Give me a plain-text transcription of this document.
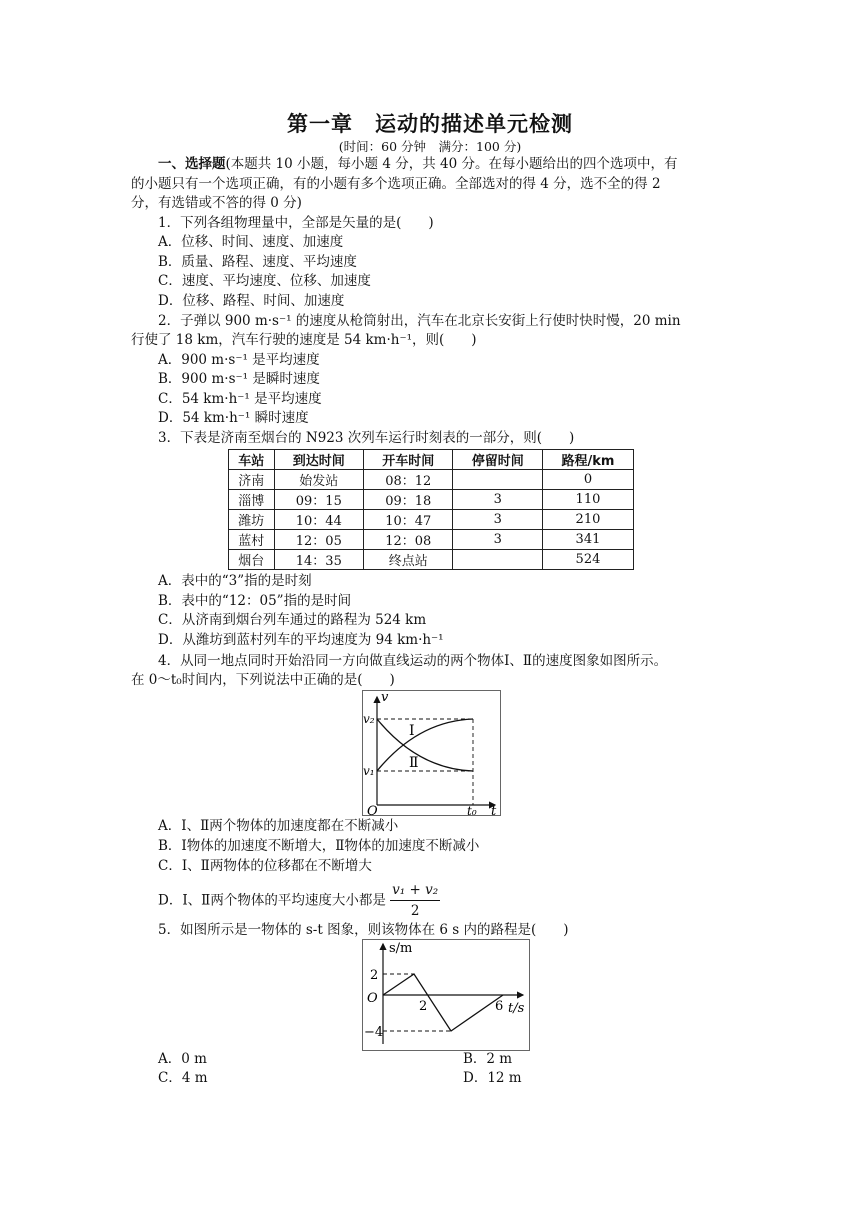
第一章　运动的描述单元检测
(时间：60 分钟　满分：100 分)
一、选择题(本题共 10 小题，每小题 4 分，共 40 分。在每小题给出的四个选项中，有
的小题只有一个选项正确，有的小题有多个选项正确。全部选对的得 4 分，选不全的得 2
分，有选错或不答的得 0 分)
1．下列各组物理量中，全部是矢量的是(　　)
A．位移、时间、速度、加速度
B．质量、路程、速度、平均速度
C．速度、平均速度、位移、加速度
D．位移、路程、时间、加速度
2．子弹以 900 m·s⁻¹ 的速度从枪筒射出，汽车在北京长安街上行使时快时慢，20 min
行使了 18 km，汽车行驶的速度是 54 km·h⁻¹，则(　　)
A．900 m·s⁻¹ 是平均速度
B．900 m·s⁻¹ 是瞬时速度
C．54 km·h⁻¹ 是平均速度
D．54 km·h⁻¹ 瞬时速度
3．下表是济南至烟台的 N923 次列车运行时刻表的一部分，则(　　)
车站	到达时间	开车时间	停留时间	路程/km
济南	始发站	08：12		0
淄博	09：15	09：18	3	110
潍坊	10：44	10：47	3	210
蓝村	12：05	12：08	3	341
烟台	14：35	终点站		524
A．表中的“3”指的是时刻
B．表中的“12：05”指的是时间
C．从济南到烟台列车通过的路程为 524 km
D．从潍坊到蓝村列车的平均速度为 94 km·h⁻¹
4．从同一地点同时开始沿同一方向做直线运动的两个物体Ⅰ、Ⅱ的速度图象如图所示。
在 0～t₀时间内，下列说法中正确的是(　　)
v
t
O
v₂
v₁
t₀
Ⅰ
Ⅱ
A．Ⅰ、Ⅱ两个物体的加速度都在不断减小
B．Ⅰ物体的加速度不断增大，Ⅱ物体的加速度不断减小
C．Ⅰ、Ⅱ两物体的位移都在不断增大
D．Ⅰ、Ⅱ两个物体的平均速度大小都是 $\frac{\text{v₁ + v₂}}{2}$
5．如图所示是一物体的 s-t 图象，则该物体在 6 s 内的路程是(　　)
s/m
t/s
O
2
−4
2	6
A．0 m	B．2 m
C．4 m	D．12 m
